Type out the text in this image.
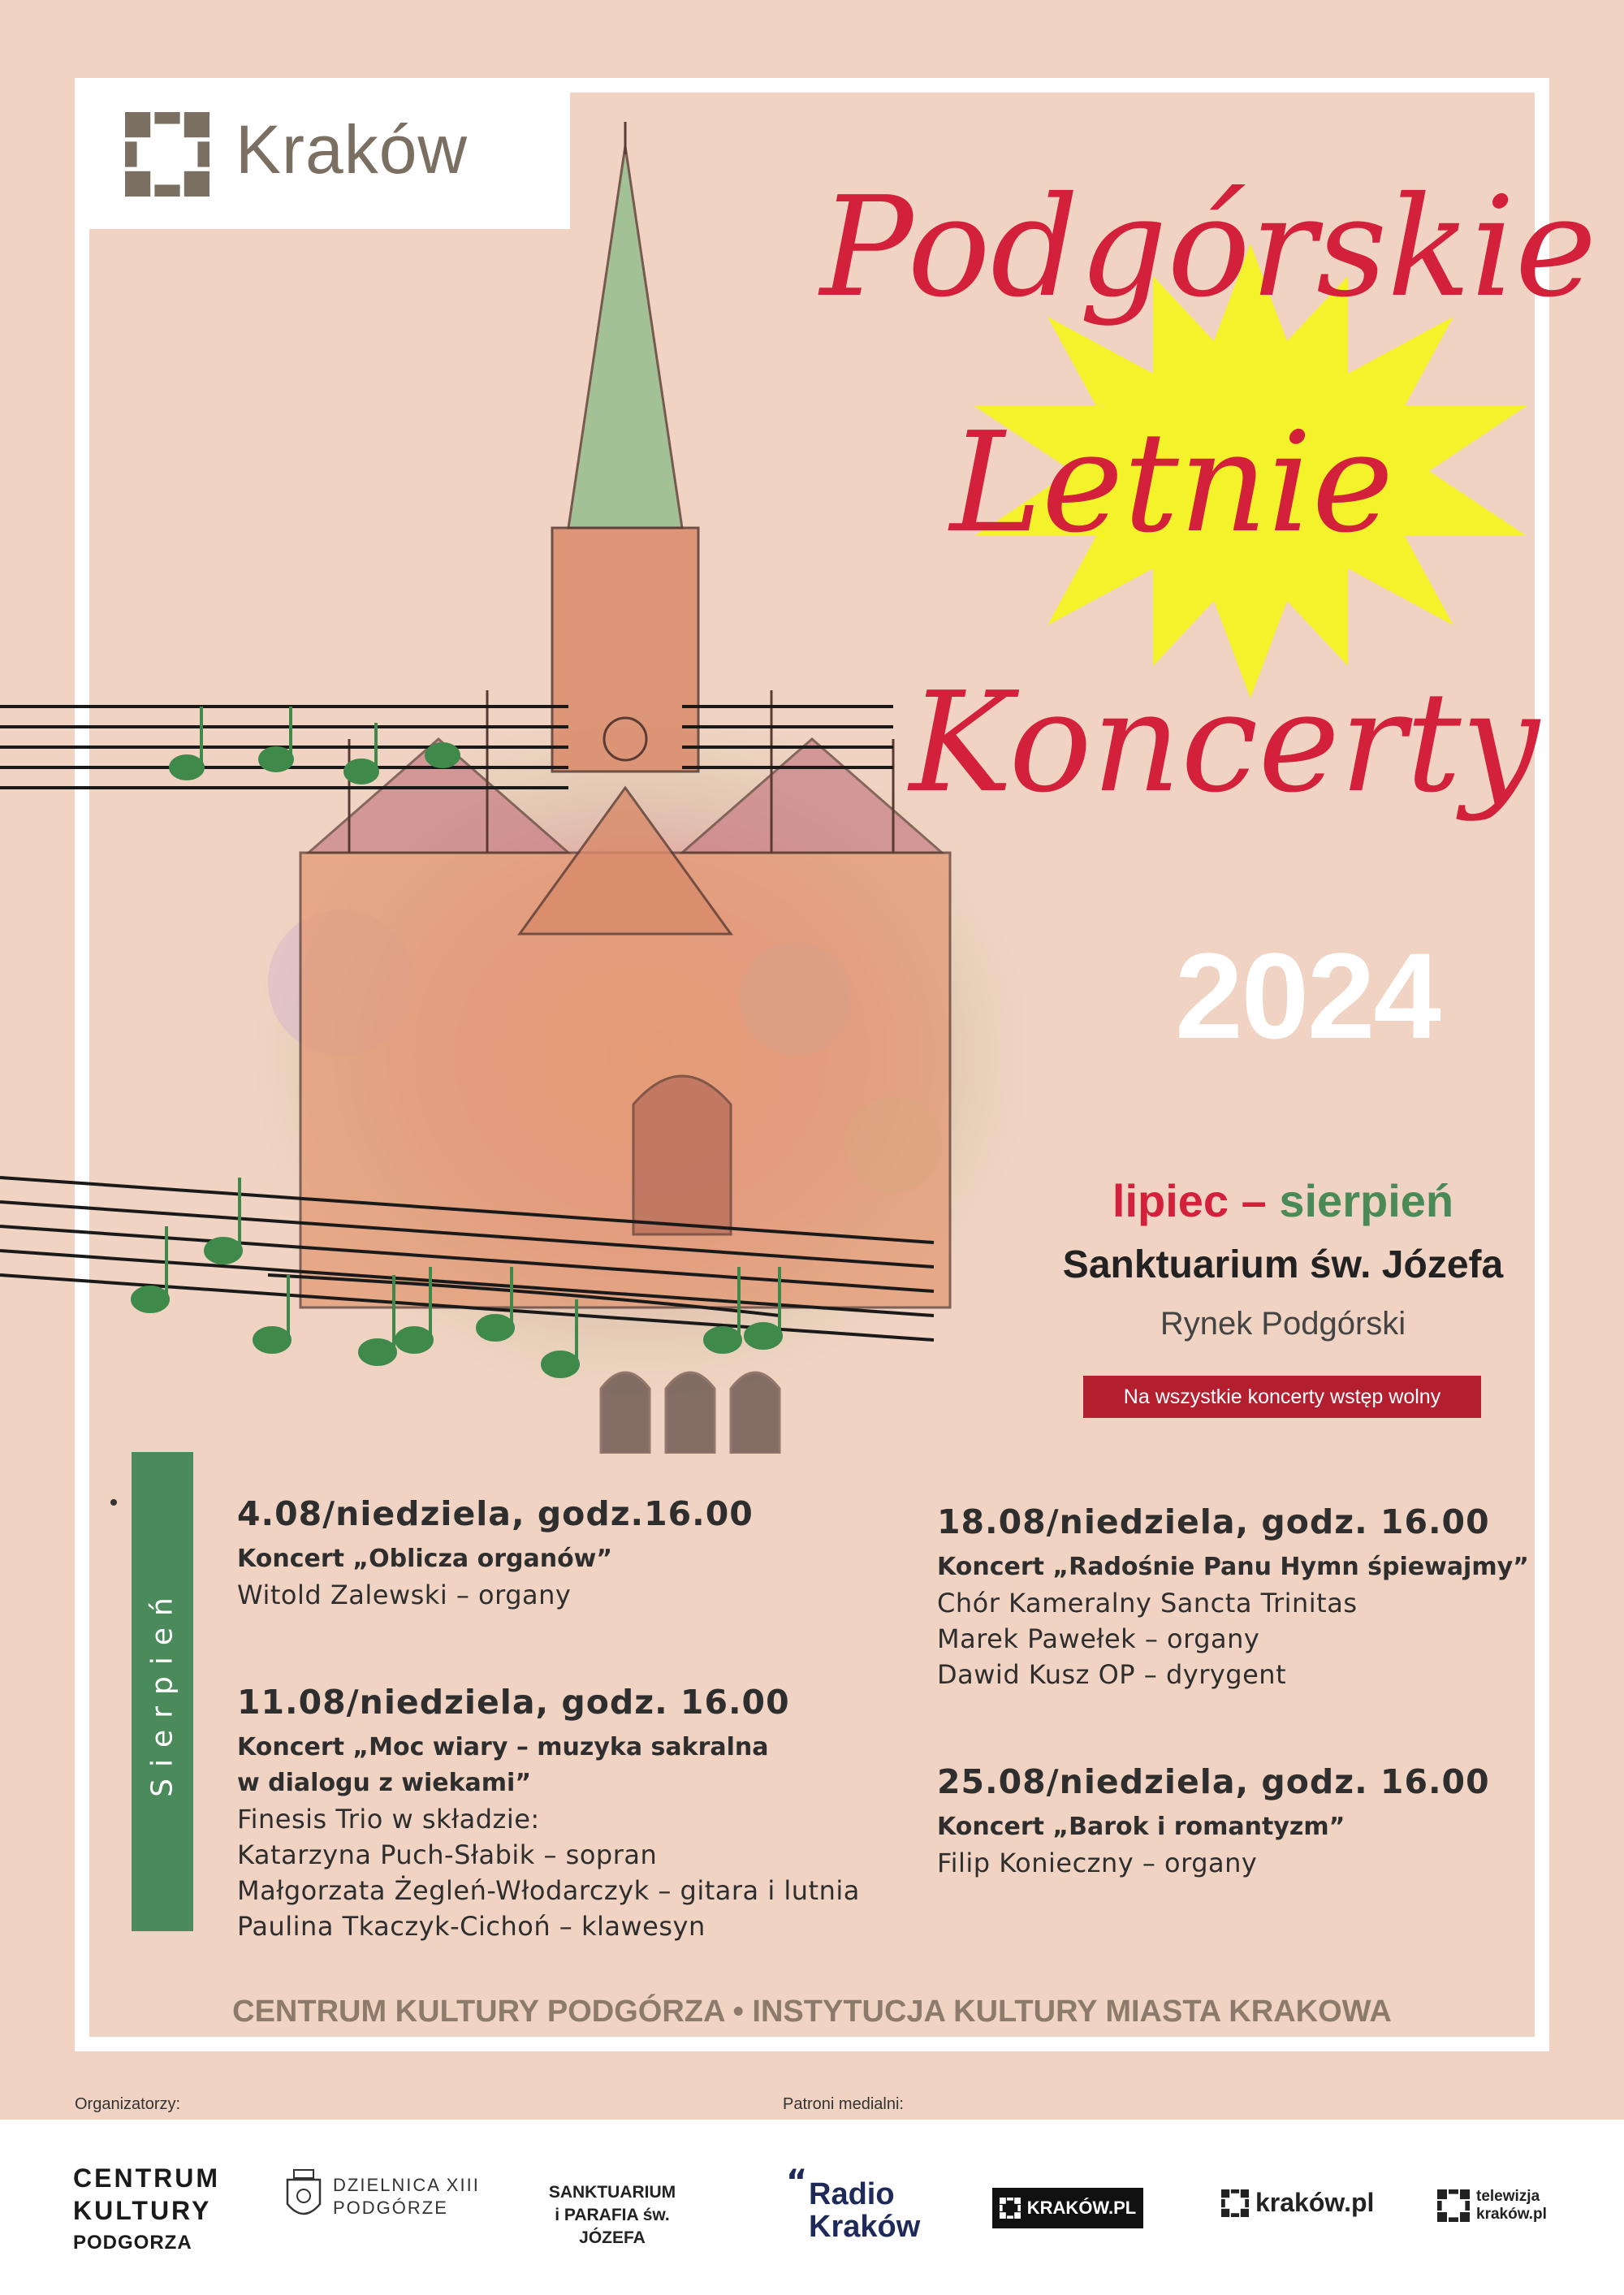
Kraków
Podgórskie
Letnie
Koncerty
2024
lipiec – sierpień
Sanktuarium św. Józefa
Rynek Podgórski
Na wszystkie koncerty wstęp wolny
Sierpień
4.08/niedziela, godz.16.00
Koncert „Oblicza organów”
Witold Zalewski – organy
11.08/niedziela, godz. 16.00
Koncert „Moc wiary – muzyka sakralna
w dialogu z wiekami”
Finesis Trio w składzie:
Katarzyna Puch-Słabik – sopran
Małgorzata Żegleń-Włodarczyk – gitara i lutnia
Paulina Tkaczyk-Cichoń – klawesyn
18.08/niedziela, godz. 16.00
Koncert „Radośnie Panu Hymn śpiewajmy”
Chór Kameralny Sancta Trinitas
Marek Pawełek – organy
Dawid Kusz OP – dyrygent
25.08/niedziela, godz. 16.00
Koncert „Barok i romantyzm”
Filip Konieczny – organy
CENTRUM KULTURY PODGÓRZA • INSTYTUCJA KULTURY MIASTA KRAKOWA
Organizatorzy:	Patroni medialni:
CENTRUM
KULTURY
PODGORZA
DZIELNICA XIII
PODGÓRZE
SANKTUARIUM
i PARAFIA św. JÓZEFA
“ Radio
Kraków
KRAKÓW.PL	kraków.pl	telewizja
kraków.pl
